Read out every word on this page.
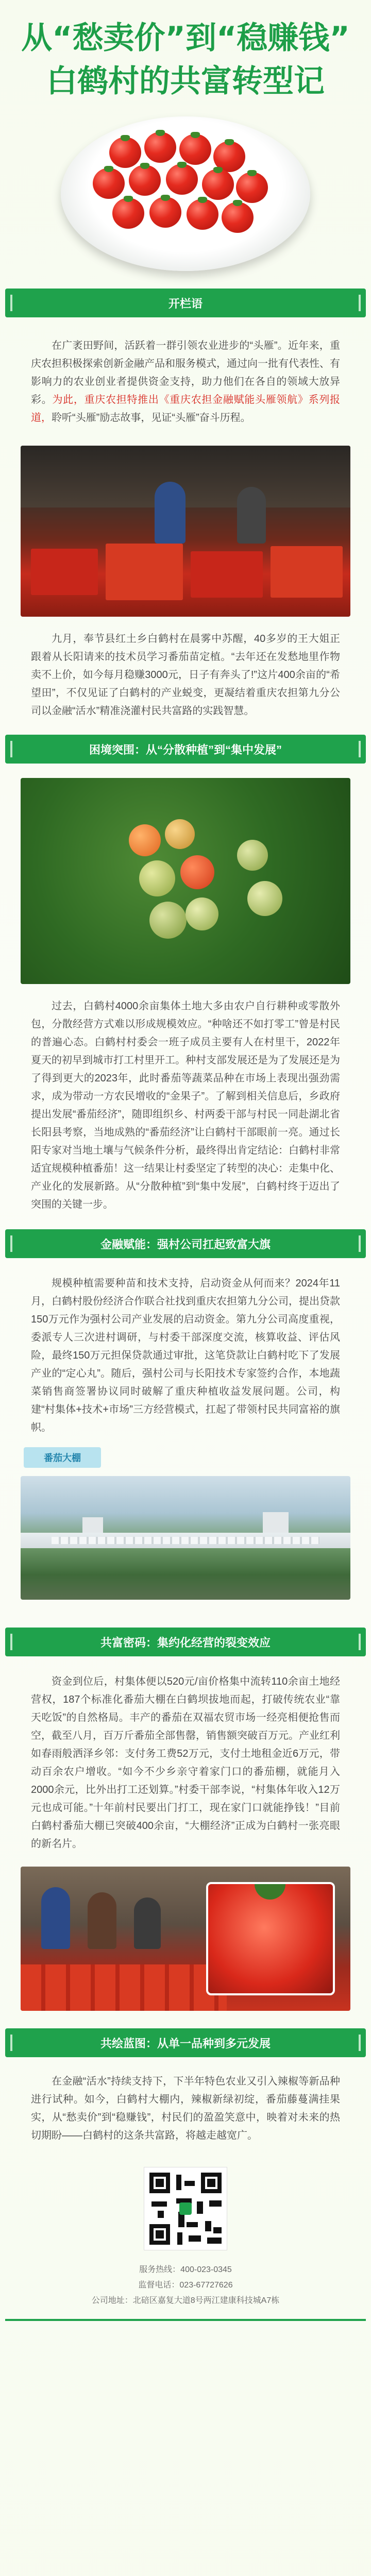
从“愁卖价”到“稳赚钱”
白鹤村的共富转型记
开栏语

在广袤田野间，活跃着一群引领农业进步的“头雁”。近年来，重庆农担积极探索创新金融产品和服务模式，通过向一批有代表性、有影响力的农业创业者提供资金支持，助力他们在各自的领域大放异彩。为此，重庆农担特推出《重庆农担金融赋能头雁领航》系列报道，聆听“头雁”励志故事，见证“头雁”奋斗历程。

九月，奉节县红土乡白鹤村在晨雾中苏醒，40多岁的王大姐正跟着从长阳请来的技术员学习番茄苗定植。“去年还在发愁地里作物卖不上价，如今每月稳赚3000元，日子有奔头了!”这片400余亩的“希望田”，不仅见证了白鹤村的产业蜕变，更凝结着重庆农担第九分公司以金融“活水”精准浇灌村民共富路的实践智慧。

困境突围：从“分散种植”到“集中发展”

过去，白鹤村4000余亩集体土地大多由农户自行耕种或零散外包，分散经营方式难以形成规模效应。“种啥还不如打零工”曾是村民的普遍心态。白鹤村村委会一班子成员主要有人在村里干，2022年夏天的初早到城市打工村里开工。种村支部发展还是为了发展还是为了得到更大的2023年，此时番茄等蔬菜品种在市场上表现出强劲需求，成为带动一方农民增收的“金果子”。了解到相关信息后，乡政府提出发展“番茄经济”，随即组织乡、村两委干部与村民一同赴湖北省长阳县考察，当地成熟的“番茄经济”让白鹤村干部眼前一亮。通过长阳专家对当地土壤与气候条件分析，最终得出肯定结论：白鹤村非常适宜规模种植番茄！这一结果让村委坚定了转型的决心：走集中化、产业化的发展新路。从“分散种植”到“集中发展”，白鹤村终于迈出了突围的关键一步。

金融赋能：强村公司扛起致富大旗

规模种植需要种苗和技术支持，启动资金从何而来？2024年11月，白鹤村股份经济合作联合社找到重庆农担第九分公司，提出贷款150万元作为强村公司产业发展的启动资金。第九分公司高度重视，委派专人三次进村调研，与村委干部深度交流，核算收益、评估风险，最终150万元担保贷款通过审批，这笔贷款让白鹤村吃下了发展产业的“定心丸”。随后，强村公司与长阳技术专家签约合作，本地蔬菜销售商签署协议同时破解了重庆种植收益发展问题。公司，构建“村集体+技术+市场”三方经营模式，扛起了带领村民共同富裕的旗帜。

番茄大棚
共富密码：集约化经营的裂变效应

资金到位后，村集体便以520元/亩价格集中流转110余亩土地经营权，187个标准化番茄大棚在白鹤坝拔地而起，打破传统农业“靠天吃饭”的自然格局。丰产的番茄在双福农贸市场一经亮相便抢售而空，截至八月，百万斤番茄全部售罄，销售额突破百万元。产业红利如春雨般洒泽乡邻：支付务工费52万元，支付土地租金近6万元，带动百余农户增收。“如今不少乡亲守着家门口的番茄棚，就能月入2000余元，比外出打工还划算。”村委干部李说，“村集体年收入12万元也成可能。”十年前村民要出门打工，现在家门口就能挣钱！”目前白鹤村番茄大棚已突破400余亩，“大棚经济”正成为白鹤村一张亮眼的新名片。

共绘蓝图：从单一品种到多元发展

在金融“活水”持续支持下，下半年特色农业又引入辣椒等新品种进行试种。如今，白鹤村大棚内，辣椒新绿初绽，番茄藤蔓满挂果实，从“愁卖价”到“稳赚钱”，村民们的盈盈笑意中，映着对未来的热切期盼——白鹤村的这条共富路，将越走越宽广。

服务热线：400-023-0345
监督电话：023-67727626
公司地址：北碚区嘉复大道8号两江建康科技城A7栋
